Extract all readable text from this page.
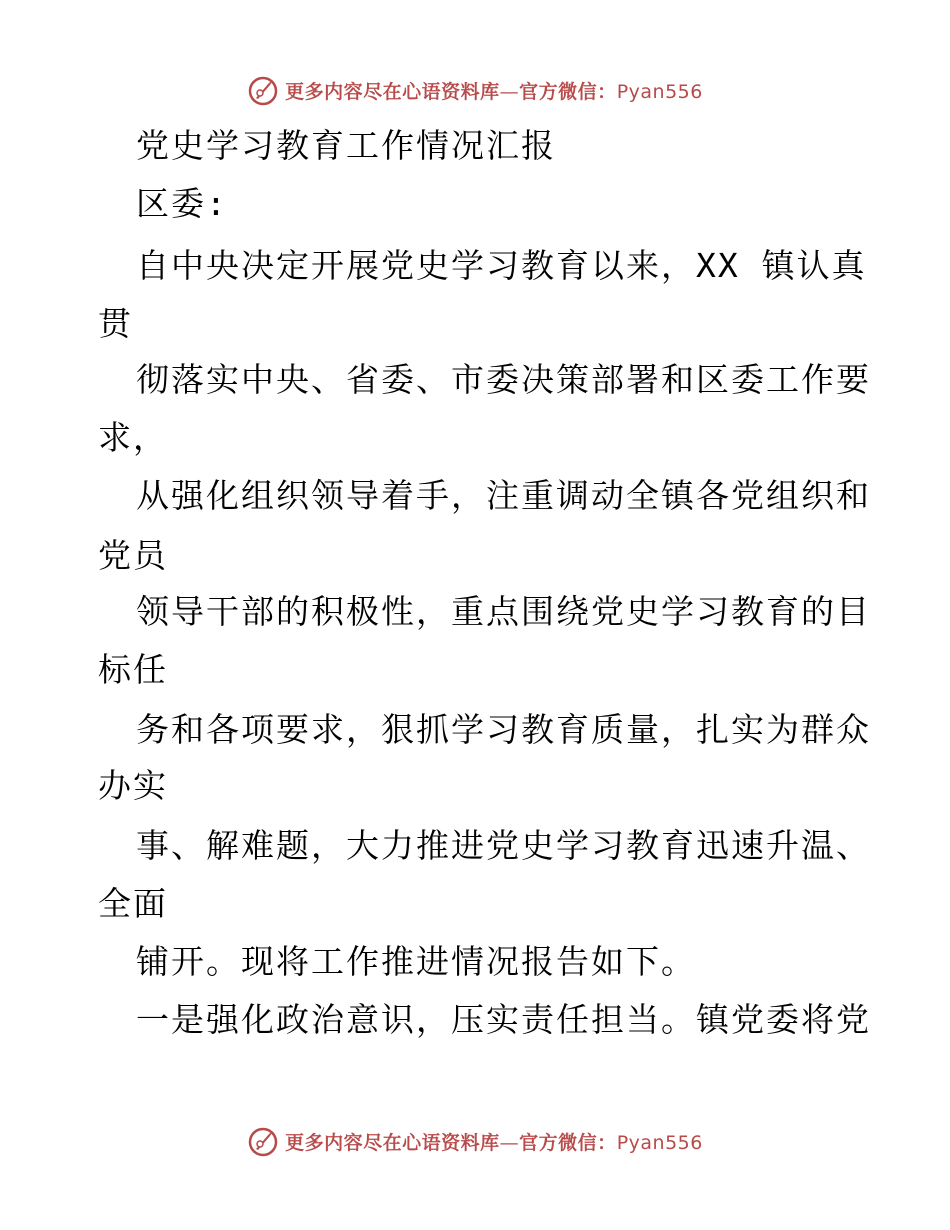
更多内容尽在心语资料库—官方微信：Pyan556
党史学习教育工作情况汇报
区委:
自中央决定开展党史学习教育以来，XX 镇认真
贯
彻落实中央、省委、市委决策部署和区委工作要
求，
从强化组织领导着手，注重调动全镇各党组织和
党员
领导干部的积极性，重点围绕党史学习教育的目
标任
务和各项要求，狠抓学习教育质量，扎实为群众
办实
事、解难题，大力推进党史学习教育迅速升温、
全面
铺开。现将工作推进情况报告如下。
一是强化政治意识，压实责任担当。镇党委将党
更多内容尽在心语资料库—官方微信：Pyan556
